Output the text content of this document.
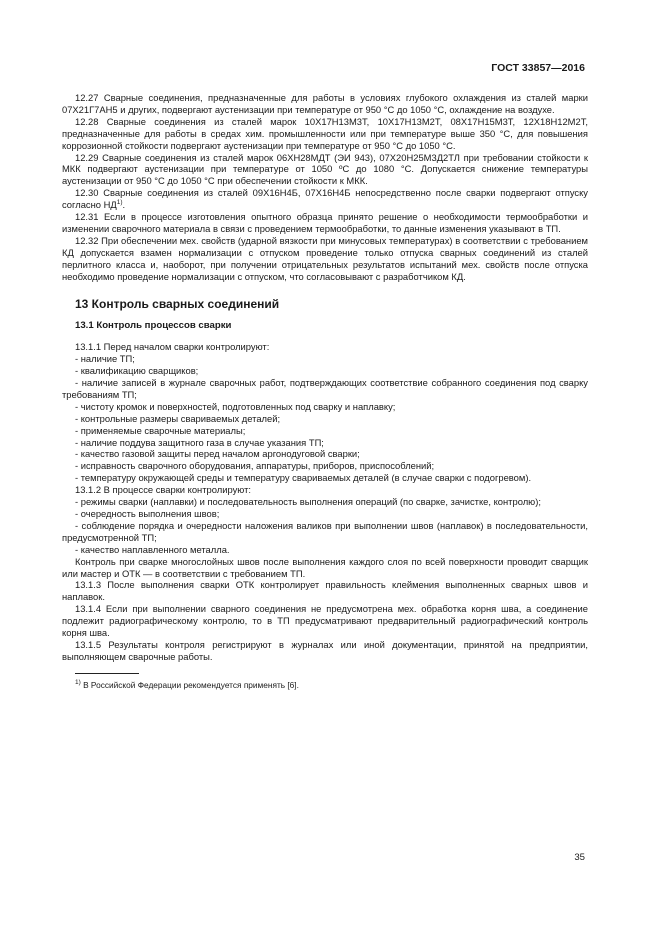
ГОСТ 33857—2016

12.27 Сварные соединения, предназначенные для работы в условиях глубокого охлаждения из сталей марки 07Х21Г7АН5 и других, подвергают аустенизации при температуре от 950 °С до 1050 °С, охлаждение на воздухе.

12.28 Сварные соединения из сталей марок 10Х17Н13М3Т, 10Х17Н13М2Т, 08Х17Н15М3Т, 12Х18Н12М2Т, предназначенные для работы в средах хим. промышленности или при температуре выше 350 °С, для повышения коррозионной стойкости подвергают аустенизации при температуре от 950 °С до 1050 °С.

12.29 Сварные соединения из сталей марок 06ХН28МДТ (ЭИ 943), 07Х20Н25М3Д2ТЛ при требовании стойкости к МКК подвергают аустенизации при температуре от 1050 ºС до 1080 °С. Допускается снижение температуры аустенизации от 950 °С до 1050 °С при обеспечении стойкости к МКК.

12.30 Сварные соединения из сталей 09Х16Н4Б, 07Х16Н4Б непосредственно после сварки подвергают отпуску согласно НД$^{1)}$.

12.31 Если в процессе изготовления опытного образца принято решение о необходимости термообработки и изменении сварочного материала в связи с проведением термообработки, то данные изменения указывают в ТП.

12.32 При обеспечении мех. свойств (ударной вязкости при минусовых температурах) в соответствии с требованием КД допускается взамен нормализации с отпуском проведение только отпуска сварных соединений из сталей перлитного класса и, наоборот, при получении отрицательных результатов испытаний мех. свойств после отпуска необходимо проведение нормализации с отпуском, что согласовывают с разработчиком КД.

13 Контроль сварных соединений
13.1 Контроль процессов сварки

13.1.1 Перед началом сварки контролируют:

- наличие ТП;

- квалификацию сварщиков;

- наличие записей в журнале сварочных работ, подтверждающих соответствие собранного соединения под сварку требованиям ТП;

- чистоту кромок и поверхностей, подготовленных под сварку и наплавку;

- контрольные размеры свариваемых деталей;

- применяемые сварочные материалы;

- наличие поддува защитного газа в случае указания ТП;

- качество газовой защиты перед началом аргонодуговой сварки;

- исправность сварочного оборудования, аппаратуры, приборов, приспособлений;

- температуру окружающей среды и температуру свариваемых деталей (в случае сварки с подогревом).

13.1.2 В процессе сварки контролируют:

- режимы сварки (наплавки) и последовательность выполнения операций (по сварке, зачистке, контролю);

- очередность выполнения швов;

- соблюдение порядка и очередности наложения валиков при выполнении швов (наплавок) в последовательности, предусмотренной ТП;

- качество наплавленного металла.

Контроль при сварке многослойных швов после выполнения каждого слоя по всей поверхности проводит сварщик или мастер и ОТК — в соответствии с требованием ТП.

13.1.3 После выполнения сварки ОТК контролирует правильность клеймения выполненных сварных швов и наплавок.

13.1.4 Если при выполнении сварного соединения не предусмотрена мех. обработка корня шва, а соединение подлежит радиографическому контролю, то в ТП предусматривают предварительный радиографический контроль корня шва.

13.1.5 Результаты контроля регистрируют в журналах или иной документации, принятой на предприятии, выполняющем сварочные работы.

$^{1)}$ В Российской Федерации рекомендуется применять [6].
35
